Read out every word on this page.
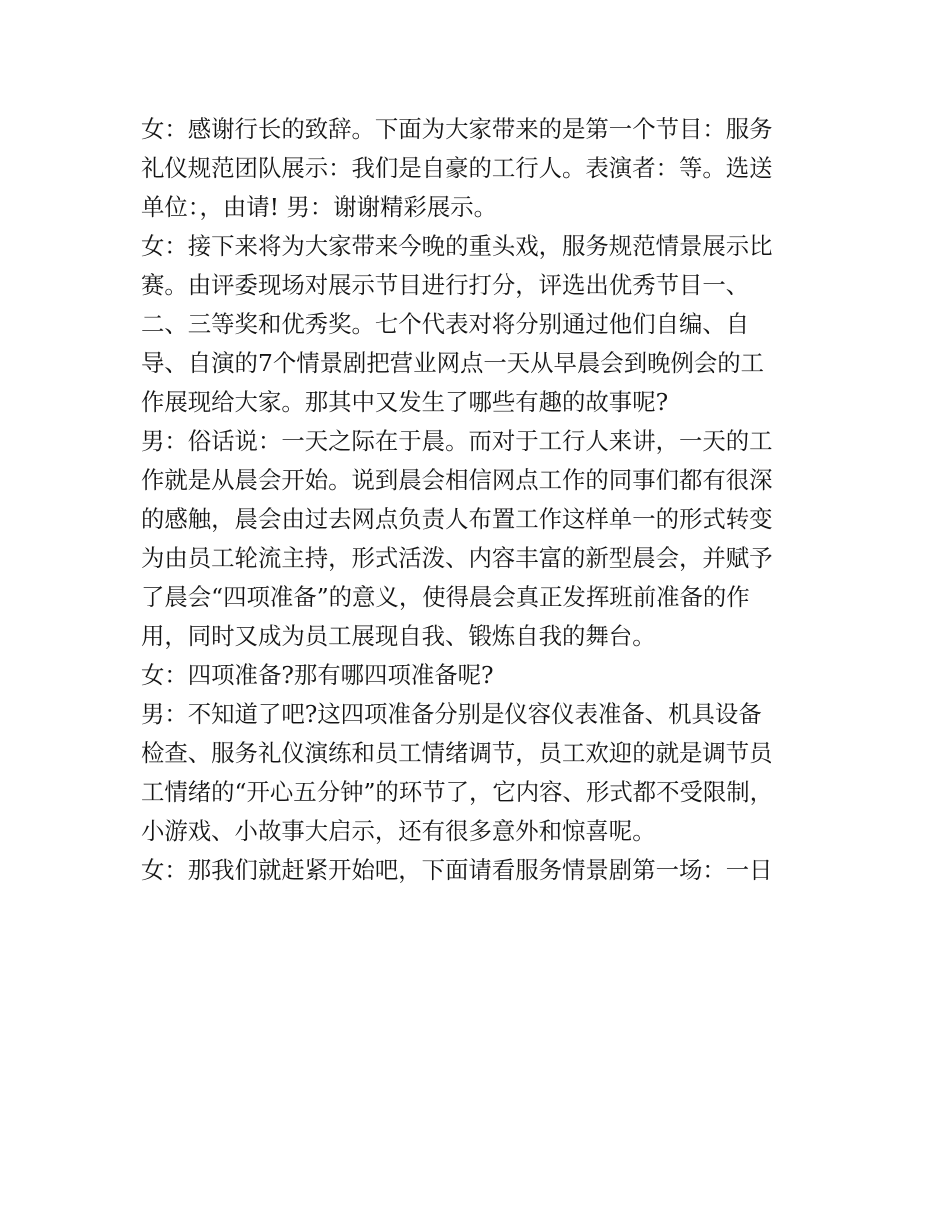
女：感谢行长的致辞。下面为大家带来的是第一个节目：服务
礼仪规范团队展示：我们是自豪的工行人。表演者：等。选送
单位：，由请! 男：谢谢精彩展示。
女：接下来将为大家带来今晚的重头戏，服务规范情景展示比
赛。由评委现场对展示节目进行打分，评选出优秀节目一、
二、三等奖和优秀奖。七个代表对将分别通过他们自编、自
导、自演的7个情景剧把营业网点一天从早晨会到晚例会的工
作展现给大家。那其中又发生了哪些有趣的故事呢?
男：俗话说：一天之际在于晨。而对于工行人来讲，一天的工
作就是从晨会开始。说到晨会相信网点工作的同事们都有很深
的感触，晨会由过去网点负责人布置工作这样单一的形式转变
为由员工轮流主持，形式活泼、内容丰富的新型晨会，并赋予
了晨会“四项准备”的意义，使得晨会真正发挥班前准备的作
用，同时又成为员工展现自我、锻炼自我的舞台。
女：四项准备?那有哪四项准备呢?
男：不知道了吧?这四项准备分别是仪容仪表准备、机具设备
检查、服务礼仪演练和员工情绪调节，员工欢迎的就是调节员
工情绪的“开心五分钟”的环节了，它内容、形式都不受限制，
小游戏、小故事大启示，还有很多意外和惊喜呢。
女：那我们就赶紧开始吧，下面请看服务情景剧第一场：一日
